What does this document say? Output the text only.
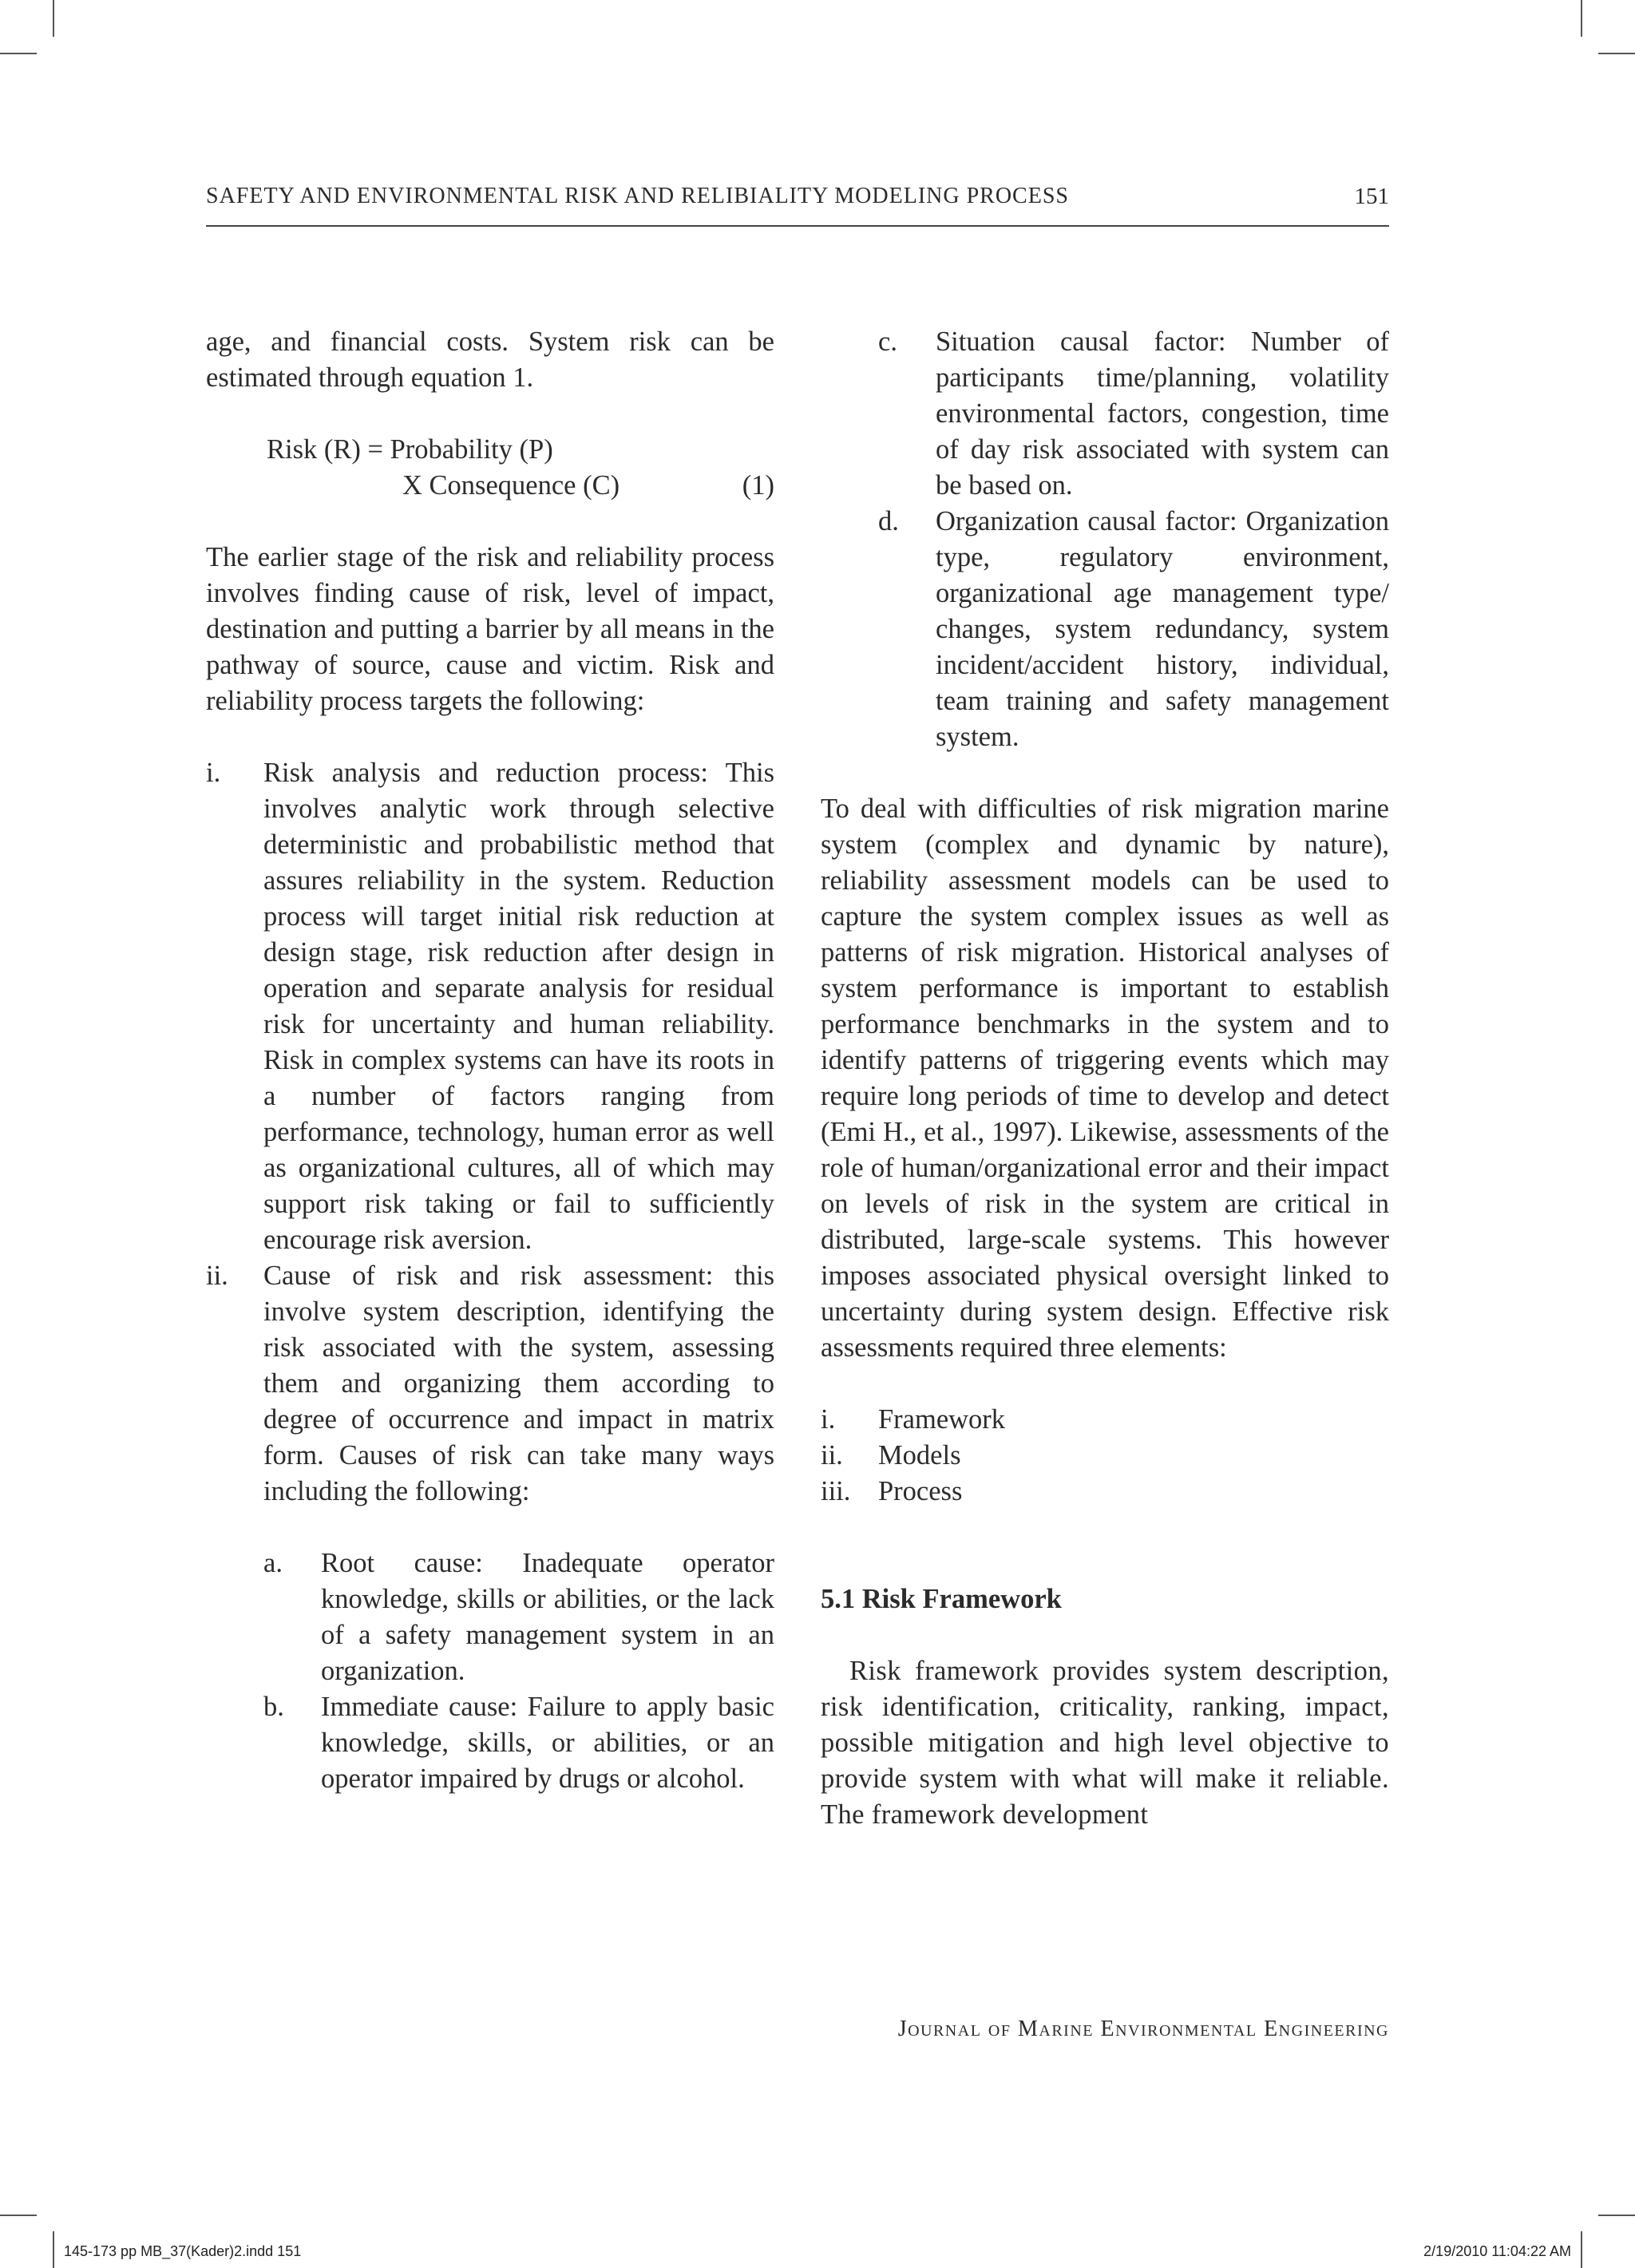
SAFETY AND ENVIRONMENTAL RISK AND RELIBIALITY MODELING PROCESS	151

age, and financial costs. System risk can be estimated through equation 1.

Risk (R) = Probability (P)
X Consequence (C)	(1)

The earlier stage of the risk and reliability process involves finding cause of risk, level of impact, destination and putting a barrier by all means in the pathway of source, cause and victim. Risk and reliability process targets the following:

i.	Risk analysis and reduction process: This involves analytic work through selective deterministic and probabilistic method that assures reliability in the system. Reduction process will target initial risk reduction at design stage, risk reduction after design in operation and separate analysis for residual risk for uncertainty and human reliability. Risk in complex systems can have its roots in a number of factors ranging from performance, technology, human error as well as organizational cultures, all of which may support risk taking or fail to sufficiently encourage risk aversion.
ii.	Cause of risk and risk assessment: this involve system description, identifying the risk associated with the system, assessing them and organizing them according to degree of occurrence and impact in matrix form. Causes of risk can take many ways including the following:
a.	Root cause: Inadequate operator knowledge, skills or abilities, or the lack of a safety management system in an organization.
b.	Immediate cause: Failure to apply basic knowledge, skills, or abilities, or an operator impaired by drugs or alcohol.
c.	Situation causal factor: Number of participants time/planning, volatility environmental factors, congestion, time of day risk associated with system can be based on.
d.	Organization causal factor: Organization type, regulatory environment, organizational age management type/ changes, system redundancy, system incident/accident history, individual, team training and safety management system.

To deal with difficulties of risk migration marine system (complex and dynamic by nature), reliability assessment models can be used to capture the system complex issues as well as patterns of risk migration. Historical analyses of system performance is important to establish performance benchmarks in the system and to identify patterns of triggering events which may require long periods of time to develop and detect (Emi H., et al., 1997). Likewise, assessments of the role of human/organizational error and their impact on levels of risk in the system are critical in distributed, large-scale systems. This however imposes associated physical oversight linked to uncertainty during system design. Effective risk assessments required three elements:

i.	Framework
ii.	Models
iii.	Process

5.1 Risk Framework

Risk framework provides system description, risk identification, criticality, ranking, impact, possible mitigation and high level objective to provide system with what will make it reliable. The framework development

Journal of Marine Environmental Engineering
145-173 pp MB_37(Kader)2.indd 151	2/19/2010 11:04:22 AM
